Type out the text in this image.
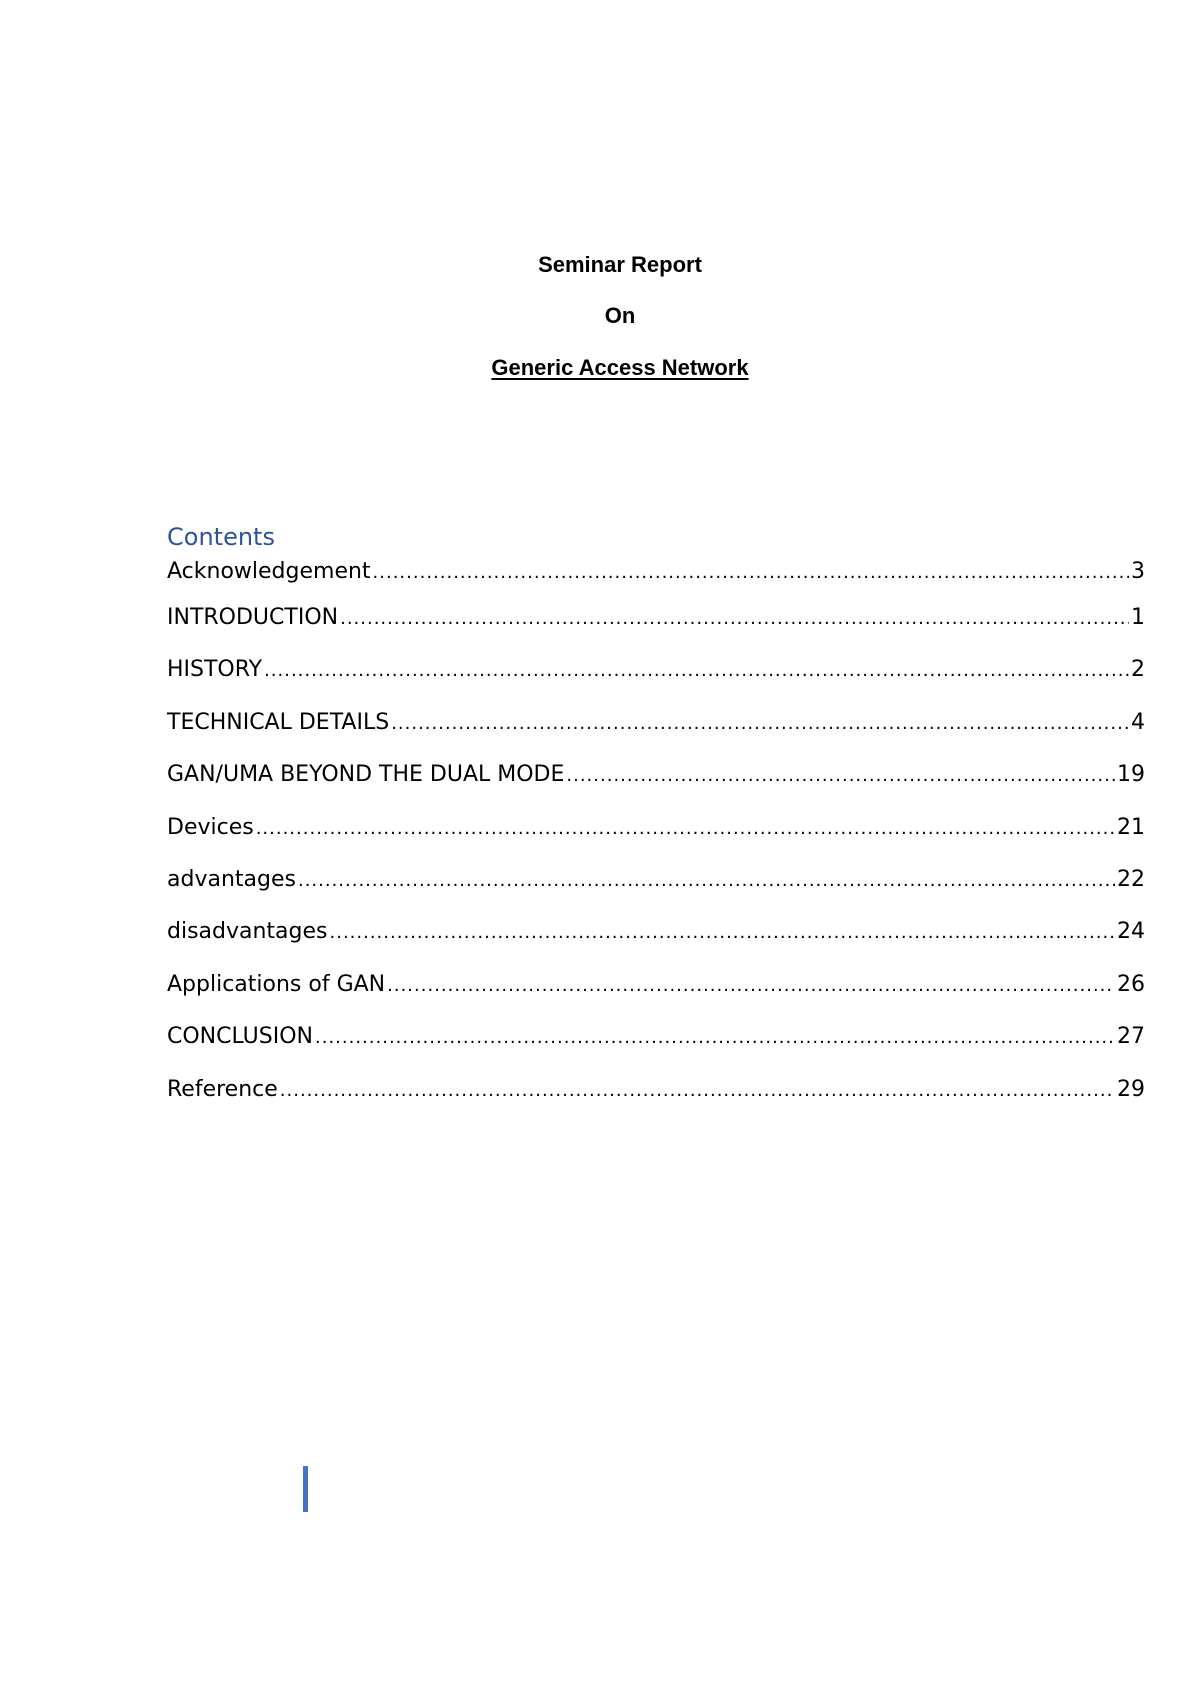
Seminar Report
On
Generic Access Network
Contents
Acknowledgement .....	3
INTRODUCTION .....	1
HISTORY .....	2
TECHNICAL DETAILS .....	4
GAN/UMA BEYOND THE DUAL MODE .....	19
Devices .....	21
advantages .....	22
disadvantages .....	24
Applications of GAN .....	26
CONCLUSION .....	27
Reference .....	29
